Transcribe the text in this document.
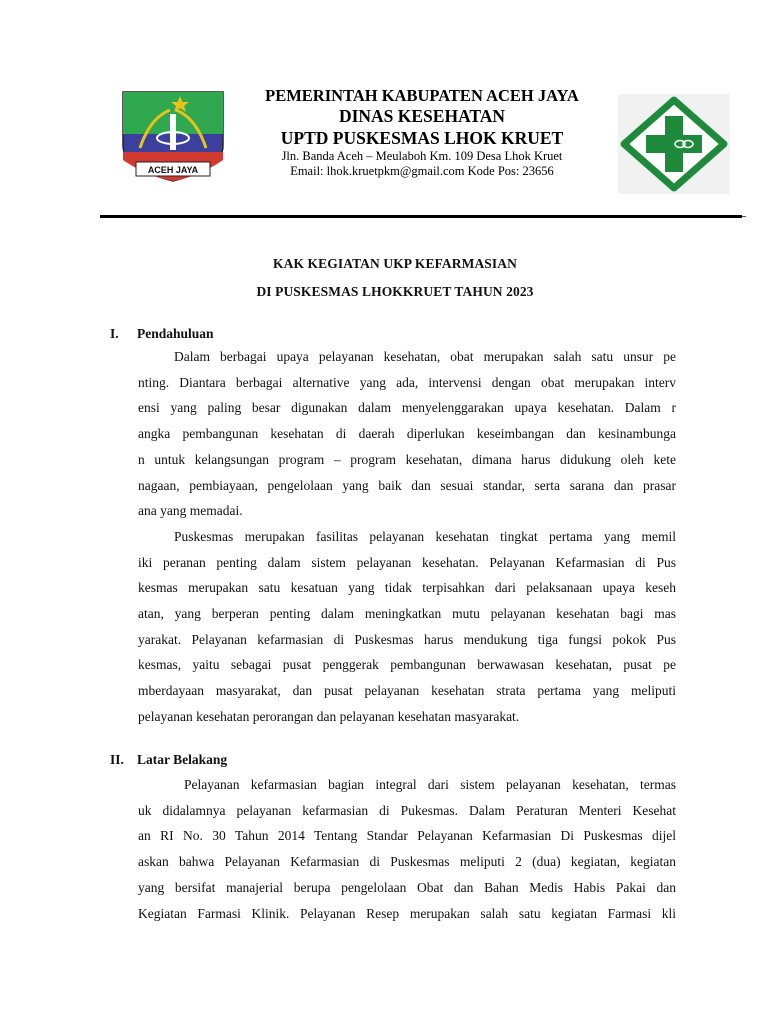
ACEH JAYA
PEMERINTAH KABUPATEN ACEH JAYA
DINAS KESEHATAN
UPTD PUSKESMAS LHOK KRUET
Jln. Banda Aceh – Meulaboh Km. 109 Desa Lhok Kruet
Email: lhok.kruetpkm@gmail.com Kode Pos: 23656
KAK KEGIATAN UKP KEFARMASIAN
DI PUSKESMAS LHOKKRUET TAHUN 2023
I. Pendahuluan
Dalam berbagai upaya pelayanan kesehatan, obat merupakan salah satu unsur pe
nting. Diantara berbagai alternative yang ada, intervensi dengan obat merupakan interv
ensi yang paling besar digunakan dalam menyelenggarakan upaya kesehatan. Dalam r
angka pembangunan kesehatan di daerah diperlukan keseimbangan dan kesinambunga
n untuk kelangsungan program – program kesehatan, dimana harus didukung oleh kete
nagaan, pembiayaan, pengelolaan yang baik dan sesuai standar, serta sarana dan prasar
ana yang memadai.
Puskesmas merupakan fasilitas pelayanan kesehatan tingkat pertama yang memil
iki peranan penting dalam sistem pelayanan kesehatan. Pelayanan Kefarmasian di Pus
kesmas merupakan satu kesatuan yang tidak terpisahkan dari pelaksanaan upaya keseh
atan, yang berperan penting dalam meningkatkan mutu pelayanan kesehatan bagi mas
yarakat. Pelayanan kefarmasian di Puskesmas harus mendukung tiga fungsi pokok Pus
kesmas, yaitu sebagai pusat penggerak pembangunan berwawasan kesehatan, pusat pe
mberdayaan masyarakat, dan pusat pelayanan kesehatan strata pertama yang meliputi
pelayanan kesehatan perorangan dan pelayanan kesehatan masyarakat.
II. Latar Belakang
Pelayanan kefarmasian bagian integral dari sistem pelayanan kesehatan, termas
uk didalamnya pelayanan kefarmasian di Pukesmas. Dalam Peraturan Menteri Kesehat
an RI No. 30 Tahun 2014 Tentang Standar Pelayanan Kefarmasian Di Puskesmas dijel
askan bahwa Pelayanan Kefarmasian di Puskesmas meliputi 2 (dua) kegiatan, kegiatan
yang bersifat manajerial berupa pengelolaan Obat dan Bahan Medis Habis Pakai dan
Kegiatan Farmasi Klinik. Pelayanan Resep merupakan salah satu kegiatan Farmasi kli
